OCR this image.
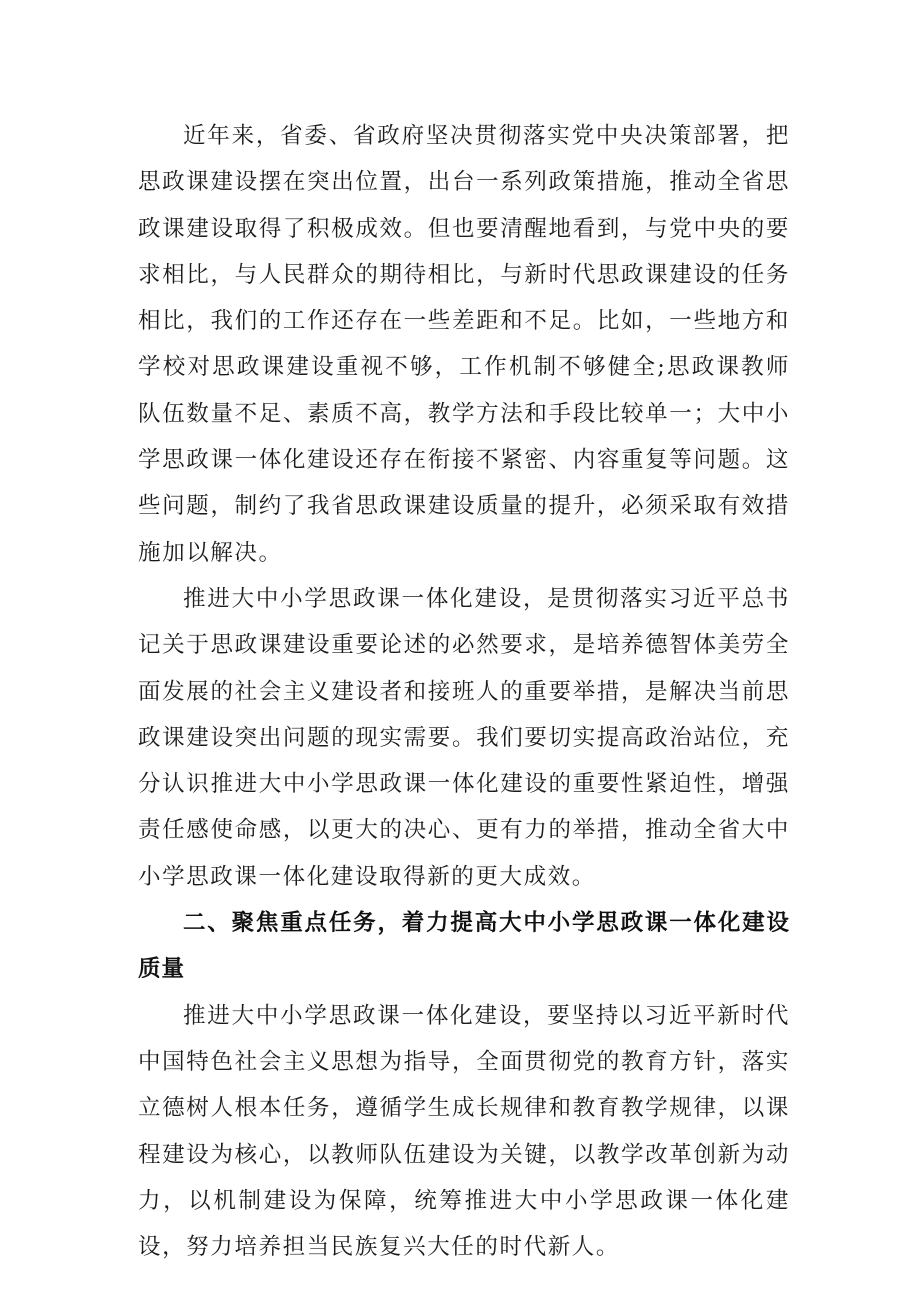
近年来，省委、省政府坚决贯彻落实党中央决策部署，把思政课建设摆在突出位置，出台一系列政策措施，推动全省思政课建设取得了积极成效。但也要清醒地看到，与党中央的要求相比，与人民群众的期待相比，与新时代思政课建设的任务相比，我们的工作还存在一些差距和不足。比如，一些地方和学校对思政课建设重视不够，工作机制不够健全;思政课教师队伍数量不足、素质不高，教学方法和手段比较单一；大中小学思政课一体化建设还存在衔接不紧密、内容重复等问题。这些问题，制约了我省思政课建设质量的提升，必须采取有效措施加以解决。

推进大中小学思政课一体化建设，是贯彻落实习近平总书记关于思政课建设重要论述的必然要求，是培养德智体美劳全面发展的社会主义建设者和接班人的重要举措，是解决当前思政课建设突出问题的现实需要。我们要切实提高政治站位，充分认识推进大中小学思政课一体化建设的重要性紧迫性，增强责任感使命感，以更大的决心、更有力的举措，推动全省大中小学思政课一体化建设取得新的更大成效。

二、聚焦重点任务，着力提高大中小学思政课一体化建设质量

推进大中小学思政课一体化建设，要坚持以习近平新时代中国特色社会主义思想为指导，全面贯彻党的教育方针，落实立德树人根本任务，遵循学生成长规律和教育教学规律，以课程建设为核心，以教师队伍建设为关键，以教学改革创新为动力，以机制建设为保障，统筹推进大中小学思政课一体化建设，努力培养担当民族复兴大任的时代新人。
